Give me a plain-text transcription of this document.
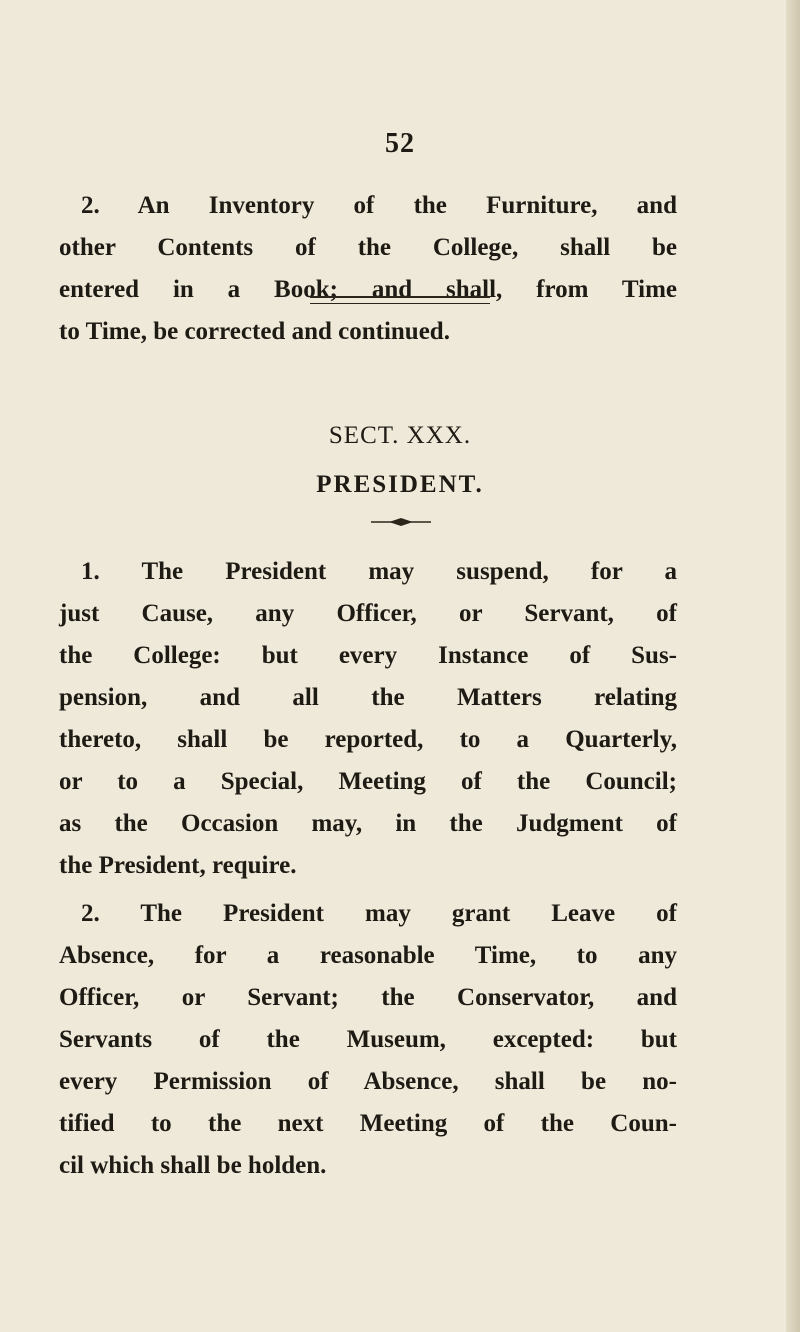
52
2. An Inventory of the Furniture, and
other Contents of the College, shall be
entered in a Book; and shall, from Time
to Time, be corrected and continued.
SECT. XXX.
PRESIDENT.
1. The President may suspend, for a
just Cause, any Officer, or Servant, of
the College: but every Instance of Sus-
pension, and all the Matters relating
thereto, shall be reported, to a Quarterly,
or to a Special, Meeting of the Council;
as the Occasion may, in the Judgment of
the President, require.
2. The President may grant Leave of
Absence, for a reasonable Time, to any
Officer, or Servant; the Conservator, and
Servants of the Museum, excepted: but
every Permission of Absence, shall be no-
tified to the next Meeting of the Coun-
cil which shall be holden.
